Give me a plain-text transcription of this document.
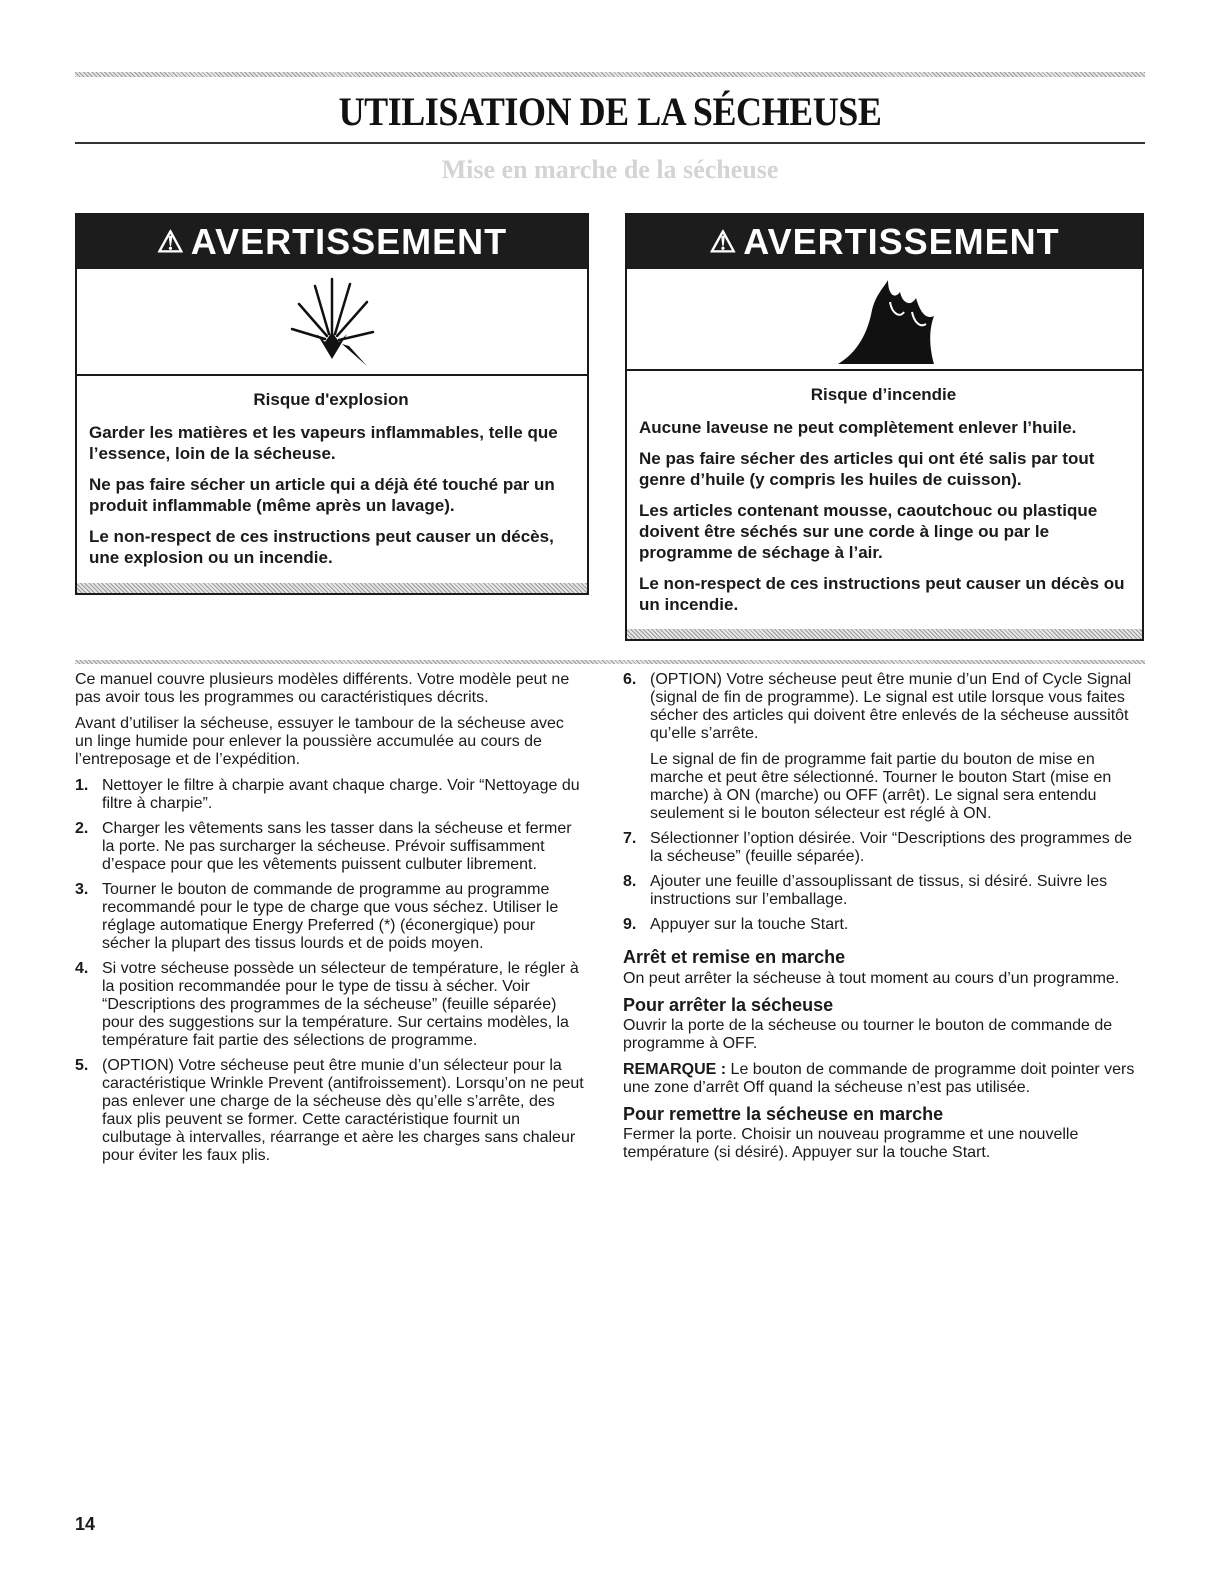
UTILISATION DE LA SÉCHEUSE
Mise en marche de la sécheuse
⚠ AVERTISSEMENT
Risque d'explosion

Garder les matières et les vapeurs inflammables, telle que l’essence, loin de la sécheuse.

Ne pas faire sécher un article qui a déjà été touché par un produit inflammable (même après un lavage).

Le non-respect de ces instructions peut causer un décès, une explosion ou un incendie.

⚠ AVERTISSEMENT
Risque d’incendie

Aucune laveuse ne peut complètement enlever l’huile.

Ne pas faire sécher des articles qui ont été salis par tout genre d’huile (y compris les huiles de cuisson).

Les articles contenant mousse, caoutchouc ou plastique doivent être séchés sur une corde à linge ou par le programme de séchage à l’air.

Le non-respect de ces instructions peut causer un décès ou un incendie.

Ce manuel couvre plusieurs modèles différents. Votre modèle peut ne pas avoir tous les programmes ou caractéristiques décrits.

Avant d’utiliser la sécheuse, essuyer le tambour de la sécheuse avec un linge humide pour enlever la poussière accumulée au cours de l’entreposage et de l’expédition.

1. Nettoyer le filtre à charpie avant chaque charge. Voir “Nettoyage du filtre à charpie”.
2. Charger les vêtements sans les tasser dans la sécheuse et fermer la porte. Ne pas surcharger la sécheuse. Prévoir suffisamment d’espace pour que les vêtements puissent culbuter librement.
3. Tourner le bouton de commande de programme au programme recommandé pour le type de charge que vous séchez. Utiliser le réglage automatique Energy Preferred (*) (éconergique) pour sécher la plupart des tissus lourds et de poids moyen.
4. Si votre sécheuse possède un sélecteur de température, le régler à la position recommandée pour le type de tissu à sécher. Voir “Descriptions des programmes de la sécheuse” (feuille séparée) pour des suggestions sur la température. Sur certains modèles, la température fait partie des sélections de programme.
5. (OPTION) Votre sécheuse peut être munie d’un sélecteur pour la caractéristique Wrinkle Prevent (antifroissement). Lorsqu’on ne peut pas enlever une charge de la sécheuse dès qu’elle s’arrête, des faux plis peuvent se former. Cette caractéristique fournit un culbutage à intervalles, réarrange et aère les charges sans chaleur pour éviter les faux plis.
6. (OPTION) Votre sécheuse peut être munie d’un End of Cycle Signal (signal de fin de programme). Le signal est utile lorsque vous faites sécher des articles qui doivent être enlevés de la sécheuse aussitôt qu’elle s’arrête.

Le signal de fin de programme fait partie du bouton de mise en marche et peut être sélectionné. Tourner le bouton Start (mise en marche) à ON (marche) ou OFF (arrêt). Le signal sera entendu seulement si le bouton sélecteur est réglé à ON.

7. Sélectionner l’option désirée. Voir “Descriptions des programmes de la sécheuse” (feuille séparée).
8. Ajouter une feuille d’assouplissant de tissus, si désiré. Suivre les instructions sur l’emballage.
9. Appuyer sur la touche Start.
Arrêt et remise en marche

On peut arrêter la sécheuse à tout moment au cours d’un programme.

Pour arrêter la sécheuse

Ouvrir la porte de la sécheuse ou tourner le bouton de commande de programme à OFF.

REMARQUE : Le bouton de commande de programme doit pointer vers une zone d’arrêt Off quand la sécheuse n’est pas utilisée.

Pour remettre la sécheuse en marche

Fermer la porte. Choisir un nouveau programme et une nouvelle température (si désiré). Appuyer sur la touche Start.

14
